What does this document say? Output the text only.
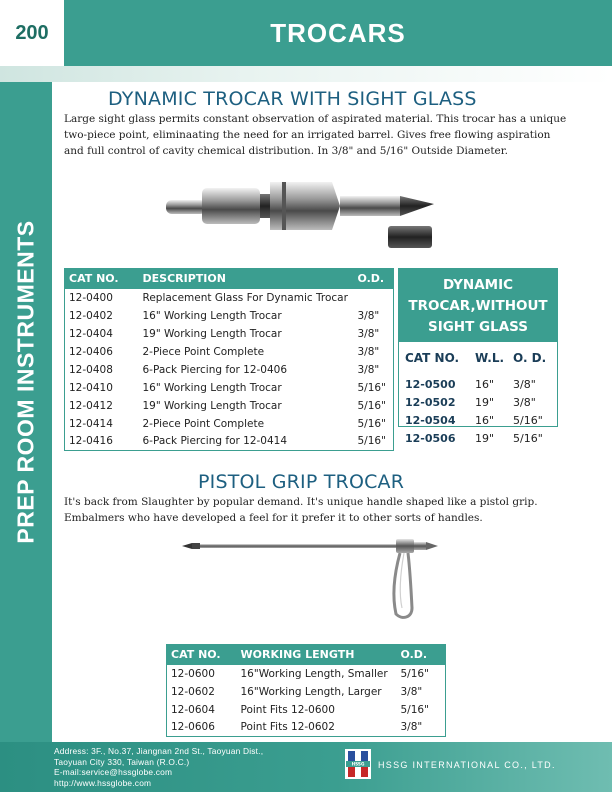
200	TROCARS
PREP ROOM INSTRUMENTS
DYNAMIC TROCAR WITH SIGHT GLASS
Large sight glass permits constant observation of aspirated material. This trocar has a unique
two-piece point, eliminaating the need for an irrigated barrel. Gives free flowing aspiration
and full control of cavity chemical distribution. In 3/8" and 5/16" Outside Diameter.
CAT NO.	DESCRIPTION	O.D.
12-0400	Replacement Glass For Dynamic Trocar	
12-0402	16" Working Length Trocar	3/8"
12-0404	19" Working Length Trocar	3/8"
12-0406	2-Piece Point Complete	3/8"
12-0408	6-Pack Piercing for 12-0406	3/8"
12-0410	16" Working Length Trocar	5/16"
12-0412	19" Working Length Trocar	5/16"
12-0414	2-Piece Point Complete	5/16"
12-0416	6-Pack Piercing for 12-0414	5/16"
DYNAMIC
TROCAR,WITHOUT
SIGHT GLASS
CAT NO.	W.L. O. D.
12-0500	16"	3/8"
12-0502	19"	3/8"
12-0504	16"	5/16"
12-0506	19"	5/16"
PISTOL GRIP TROCAR
It's back from Slaughter by popular demand. It's unique handle shaped like a pistol grip.
Embalmers who have developed a feel for it prefer it to other sorts of handles.
CAT NO.	WORKING LENGTH	O.D.
12-0600	16"Working Length, Smaller	5/16"
12-0602	16"Working Length, Larger	3/8"
12-0604	Point Fits 12-0600	5/16"
12-0606	Point Fits 12-0602	3/8"
Address: 3F., No.37, Jiangnan 2nd St., Taoyuan Dist.,
Taoyuan City 330, Taiwan (R.O.C.)
E-mail:service@hssglobe.com
http://www.hssglobe.com
HSSG HSSG INTERNATIONAL CO., LTD.
